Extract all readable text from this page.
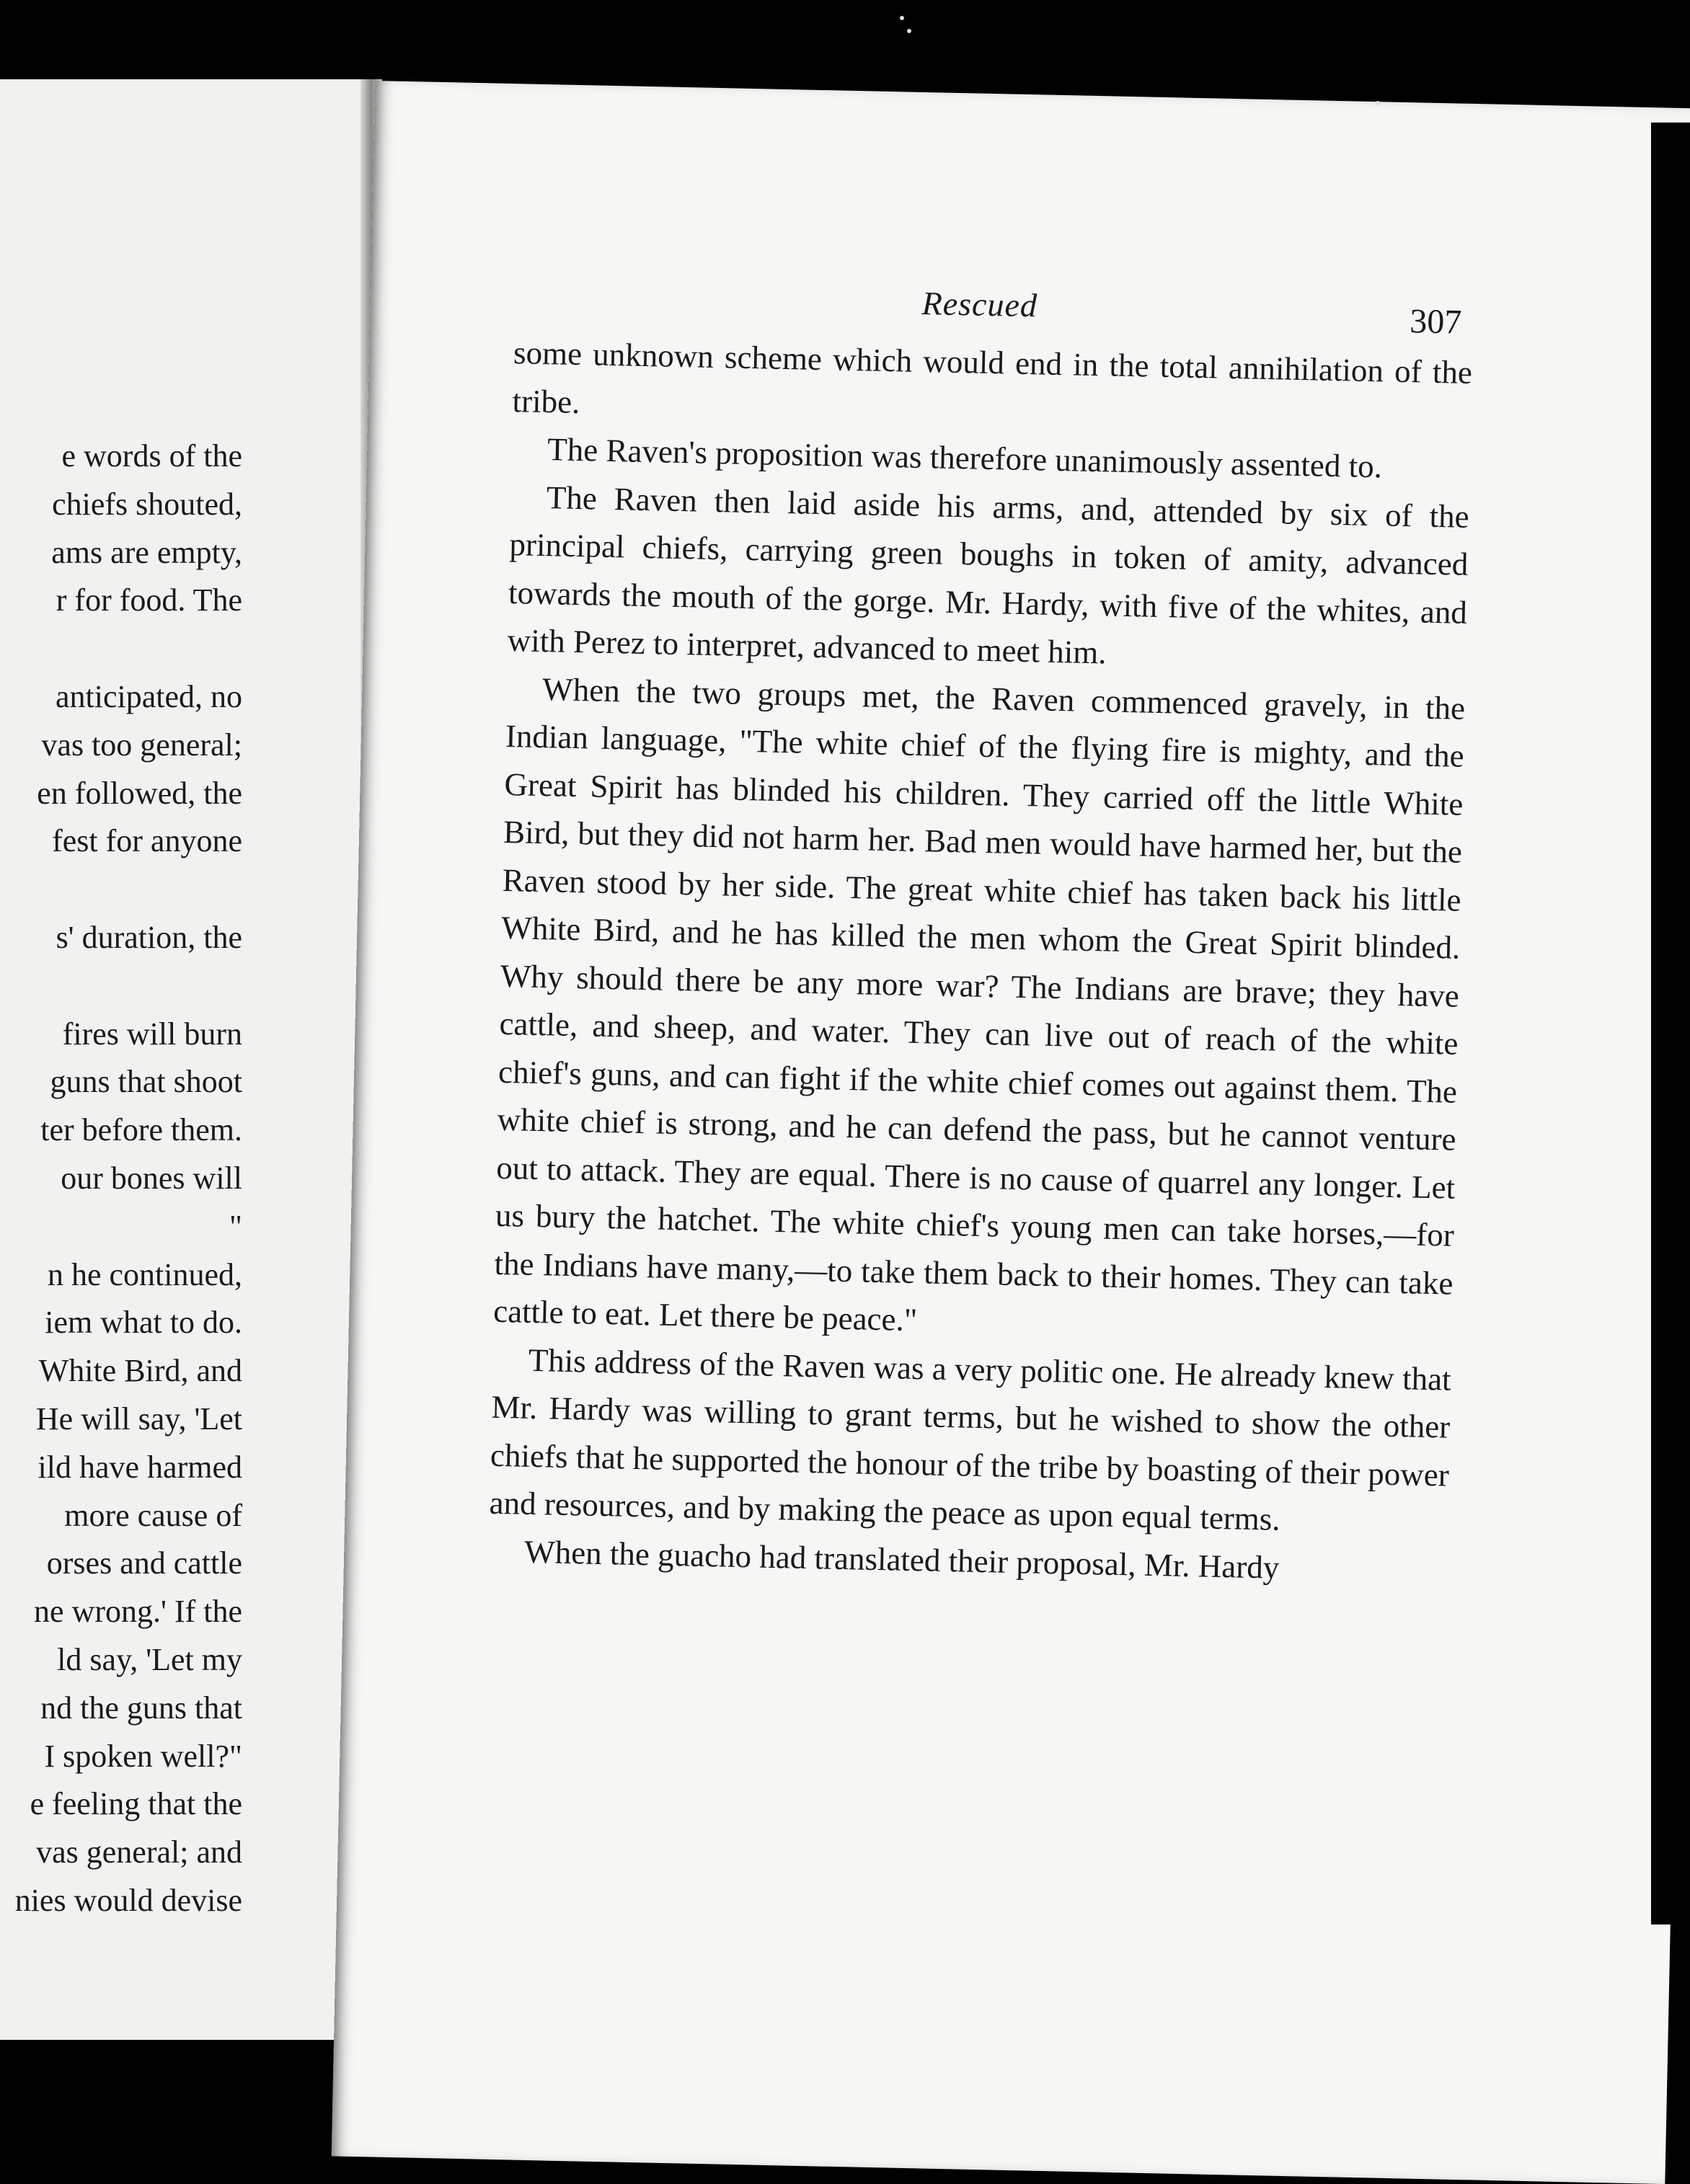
e words of the
chiefs shouted,
ams are empty,
r for food. The
anticipated, no
vas too general;
en followed, the
fest for anyone
s' duration, the
fires will burn
guns that shoot
ter before them.
our bones will
"
n he continued,
iem what to do.
White Bird, and
He will say, 'Let
ild have harmed
more cause of
orses and cattle
ne wrong.' If the
ld say, 'Let my
nd the guns that
I spoken well?"
e feeling that the
vas general; and
nies would devise
Rescued	307

some unknown scheme which would end in the total annihilation of the tribe.

The Raven's proposition was therefore unanimously assented to.

The Raven then laid aside his arms, and, attended by six of the principal chiefs, carrying green boughs in token of amity, advanced towards the mouth of the gorge. Mr. Hardy, with five of the whites, and with Perez to interpret, advanced to meet him.

When the two groups met, the Raven commenced gravely, in the Indian language, "The white chief of the flying fire is mighty, and the Great Spirit has blinded his children. They carried off the little White Bird, but they did not harm her. Bad men would have harmed her, but the Raven stood by her side. The great white chief has taken back his little White Bird, and he has killed the men whom the Great Spirit blinded. Why should there be any more war? The Indians are brave; they have cattle, and sheep, and water. They can live out of reach of the white chief's guns, and can fight if the white chief comes out against them. The white chief is strong, and he can defend the pass, but he cannot venture out to attack. They are equal. There is no cause of quarrel any longer. Let us bury the hatchet. The white chief's young men can take horses,—for the Indians have many,—to take them back to their homes. They can take cattle to eat. Let there be peace."

This address of the Raven was a very politic one. He already knew that Mr. Hardy was willing to grant terms, but he wished to show the other chiefs that he supported the honour of the tribe by boasting of their power and resources, and by making the peace as upon equal terms.

When the guacho had translated their proposal, Mr. Hardy
